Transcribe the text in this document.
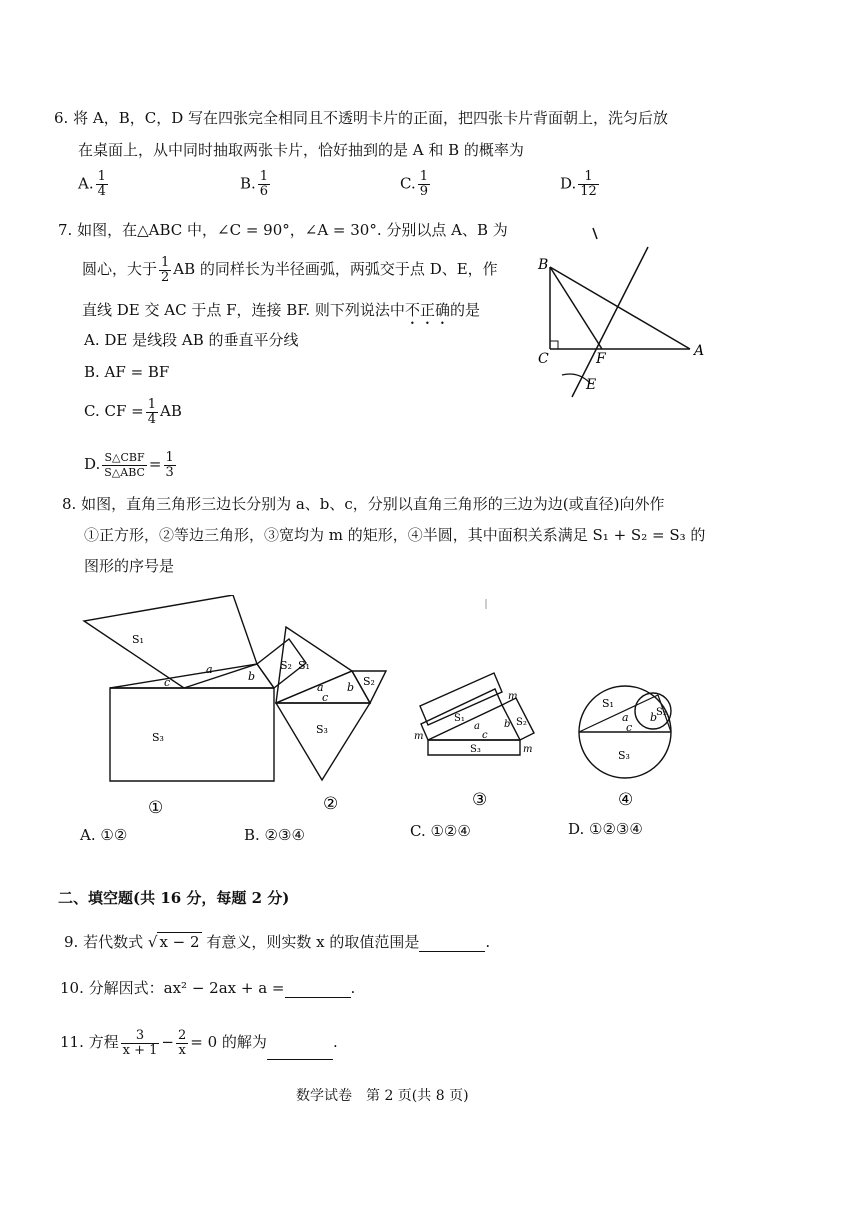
6. 将 A，B，C，D 写在四张完全相同且不透明卡片的正面，把四张卡片背面朝上，洗匀后放
在桌面上，从中同时抽取两张卡片，恰好抽到的是 A 和 B 的概率为
A. $\frac{1}{4}$	B. $\frac{1}{6}$	C. $\frac{1}{9}$	D. $\frac{1}{12}$
7. 如图，在△ABC 中，∠C = 90°，∠A = 30°. 分别以点 A、B 为
圆心，大于 $\frac{1}{2}$ AB 的同样长为半径画弧，两弧交于点 D、E，作
直线 DE 交 AC 于点 F，连接 BF. 则下列说法中不正确的是
A. DE 是线段 AB 的垂直平分线
B. AF = BF
C. CF = $\frac{1}{4}$ AB
D. $\frac{\text{S△CBF}}{\text{S△ABC}} = \frac{1}{3}$
B
C	F	A
E
8. 如图，直角三角形三边长分别为 a、b、c，分别以直角三角形的三边为边(或直径)向外作
①正方形，②等边三角形，③宽均为 m 的矩形，④半圆，其中面积关系满足 S₁ + S₂ = S₃ 的
图形的序号是
S₁
a
b
c
S₂
S₃
S₁
a b
c
S₂
S₃
S₁
a b
c
S₂
S₃
m
m
m
S₁
a b
c
S₂
S₃
①	②	③	④
A. ①②	B. ②③④	C. ①②④	D. ①②③④
二、填空题(共 16 分，每题 2 分)
9. 若代数式 √ x − 2 有意义，则实数 x 的取值范围是	.
10. 分解因式：ax² − 2ax + a =	.
11. 方程 $\frac{3}{x + 1} - \frac{2}{x} = 0$ 的解为	.
数学试卷　第 2 页(共 8 页)
